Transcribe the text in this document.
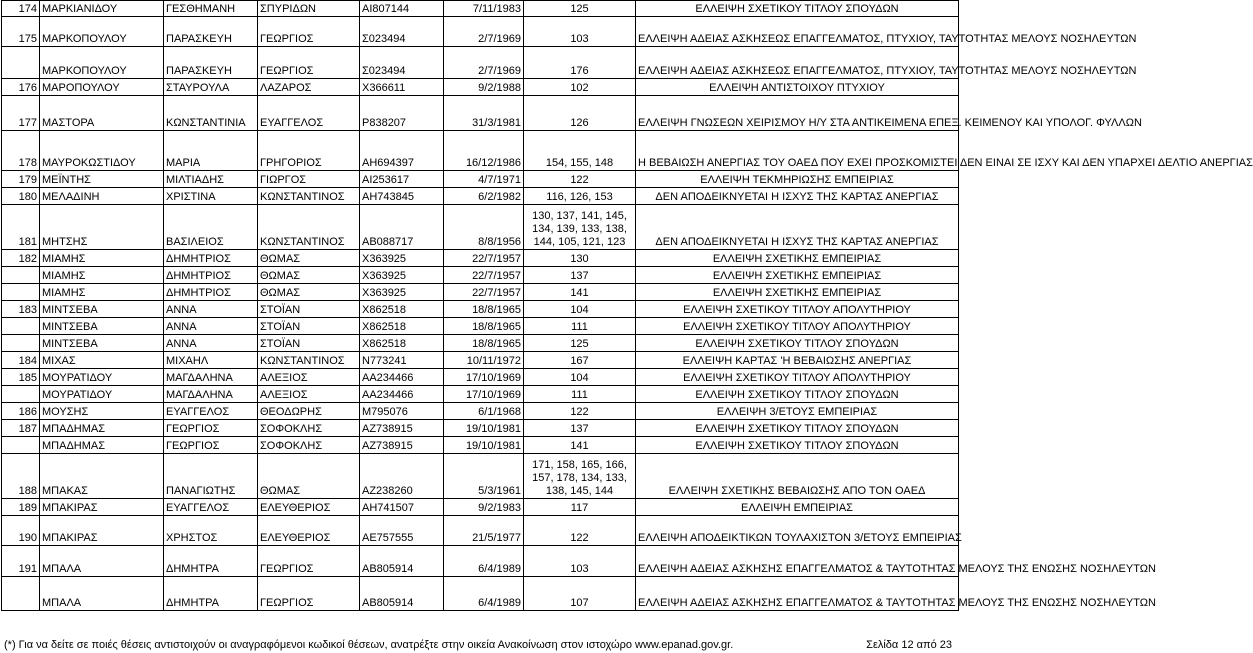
174	ΜΑΡΚΙΑΝΙΔΟΥ	ΓΕΣΘΗΜΑΝΗ	ΣΠΥΡΙΔΩΝ	ΑΙ807144	7/11/1983	125	ΕΛΛΕΙΨΗ ΣΧΕΤΙΚΟΥ ΤΙΤΛΟΥ ΣΠΟΥΔΩΝ
175	ΜΑΡΚΟΠΟΥΛΟΥ	ΠΑΡΑΣΚΕΥΗ	ΓΕΩΡΓΙΟΣ	Σ023494	2/7/1969	103	ΕΛΛΕΙΨΗ ΑΔΕΙΑΣ ΑΣΚΗΣΕΩΣ ΕΠΑΓΓΕΛΜΑΤΟΣ, ΠΤΥΧΙΟΥ, ΤΑΥΤΟΤΗΤΑΣ ΜΕΛΟΥΣ ΝΟΣΗΛΕΥΤΩΝ
	ΜΑΡΚΟΠΟΥΛΟΥ	ΠΑΡΑΣΚΕΥΗ	ΓΕΩΡΓΙΟΣ	Σ023494	2/7/1969	176	ΕΛΛΕΙΨΗ ΑΔΕΙΑΣ ΑΣΚΗΣΕΩΣ ΕΠΑΓΓΕΛΜΑΤΟΣ, ΠΤΥΧΙΟΥ, ΤΑΥΤΟΤΗΤΑΣ ΜΕΛΟΥΣ ΝΟΣΗΛΕΥΤΩΝ
176	ΜΑΡΟΠΟΥΛΟΥ	ΣΤΑΥΡΟΥΛΑ	ΛΑΖΑΡΟΣ	Χ366611	9/2/1988	102	ΕΛΛΕΙΨΗ ΑΝΤΙΣΤΟΙΧΟΥ ΠΤΥΧΙΟΥ
177	ΜΑΣΤΟΡΑ	ΚΩΝΣΤΑΝΤΙΝΙΑ	ΕΥΑΓΓΕΛΟΣ	Ρ838207	31/3/1981	126	ΕΛΛΕΙΨΗ ΓΝΩΣΕΩΝ ΧΕΙΡΙΣΜΟΥ Η/Υ ΣΤΑ ΑΝΤΙΚΕΙΜΕΝΑ ΕΠΕΞ. ΚΕΙΜΕΝΟΥ ΚΑΙ ΥΠΟΛΟΓ. ΦΥΛΛΩΝ
178	ΜΑΥΡΟΚΩΣΤΙΔΟΥ	ΜΑΡΙΑ	ΓΡΗΓΟΡΙΟΣ	ΑΗ694397	16/12/1986	154, 155, 148	Η ΒΕΒΑΙΩΣΗ ΑΝΕΡΓΙΑΣ ΤΟΥ ΟΑΕΔ ΠΟΥ ΕΧΕΙ ΠΡΟΣΚΟΜΙΣΤΕΙ ΔΕΝ ΕΙΝΑΙ ΣΕ ΙΣΧΥ ΚΑΙ ΔΕΝ ΥΠΑΡΧΕΙ ΔΕΛΤΙΟ ΑΝΕΡΓΙΑΣ
179	ΜΕΪΝΤΗΣ	ΜΙΛΤΙΑΔΗΣ	ΓΙΩΡΓΟΣ	ΑΙ253617	4/7/1971	122	ΕΛΛΕΙΨΗ ΤΕΚΜΗΡΙΩΣΗΣ ΕΜΠΕΙΡΙΑΣ
180	ΜΕΛΑΔΙΝΗ	ΧΡΙΣΤΙΝΑ	ΚΩΝΣΤΑΝΤΙΝΟΣ	ΑΗ743845	6/2/1982	116, 126, 153	ΔΕΝ ΑΠΟΔΕΙΚΝΥΕΤΑΙ Η ΙΣΧΥΣ ΤΗΣ ΚΑΡΤΑΣ ΑΝΕΡΓΙΑΣ
181	ΜΗΤΣΗΣ	ΒΑΣΙΛΕΙΟΣ	ΚΩΝΣΤΑΝΤΙΝΟΣ	ΑΒ088717	8/8/1956	130, 137, 141, 145,
134, 139, 133, 138,
144, 105, 121, 123	ΔΕΝ ΑΠΟΔΕΙΚΝΥΕΤΑΙ Η ΙΣΧΥΣ ΤΗΣ ΚΑΡΤΑΣ ΑΝΕΡΓΙΑΣ
182	ΜΙΑΜΗΣ	ΔΗΜΗΤΡΙΟΣ	ΘΩΜΑΣ	Χ363925	22/7/1957	130	ΕΛΛΕΙΨΗ ΣΧΕΤΙΚΗΣ ΕΜΠΕΙΡΙΑΣ
	ΜΙΑΜΗΣ	ΔΗΜΗΤΡΙΟΣ	ΘΩΜΑΣ	Χ363925	22/7/1957	137	ΕΛΛΕΙΨΗ ΣΧΕΤΙΚΗΣ ΕΜΠΕΙΡΙΑΣ
	ΜΙΑΜΗΣ	ΔΗΜΗΤΡΙΟΣ	ΘΩΜΑΣ	Χ363925	22/7/1957	141	ΕΛΛΕΙΨΗ ΣΧΕΤΙΚΗΣ ΕΜΠΕΙΡΙΑΣ
183	ΜΙΝΤΣΕΒΑ	ΑΝΝΑ	ΣΤΟΪΑΝ	Χ862518	18/8/1965	104	ΕΛΛΕΙΨΗ ΣΧΕΤΙΚΟΥ ΤΙΤΛΟΥ ΑΠΟΛΥΤΗΡΙΟΥ
	ΜΙΝΤΣΕΒΑ	ΑΝΝΑ	ΣΤΟΪΑΝ	Χ862518	18/8/1965	111	ΕΛΛΕΙΨΗ ΣΧΕΤΙΚΟΥ ΤΙΤΛΟΥ ΑΠΟΛΥΤΗΡΙΟΥ
	ΜΙΝΤΣΕΒΑ	ΑΝΝΑ	ΣΤΟΪΑΝ	Χ862518	18/8/1965	125	ΕΛΛΕΙΨΗ ΣΧΕΤΙΚΟΥ ΤΙΤΛΟΥ ΣΠΟΥΔΩΝ
184	ΜΙΧΑΣ	ΜΙΧΑΗΛ	ΚΩΝΣΤΑΝΤΙΝΟΣ	Ν773241	10/11/1972	167	ΕΛΛΕΙΨΗ ΚΑΡΤΑΣ 'Η ΒΕΒΑΙΩΣΗΣ ΑΝΕΡΓΙΑΣ
185	ΜΟΥΡΑΤΙΔΟΥ	ΜΑΓΔΑΛΗΝΑ	ΑΛΕΞΙΟΣ	ΑΑ234466	17/10/1969	104	ΕΛΛΕΙΨΗ ΣΧΕΤΙΚΟΥ ΤΙΤΛΟΥ ΑΠΟΛΥΤΗΡΙΟΥ
	ΜΟΥΡΑΤΙΔΟΥ	ΜΑΓΔΑΛΗΝΑ	ΑΛΕΞΙΟΣ	ΑΑ234466	17/10/1969	111	ΕΛΛΕΙΨΗ ΣΧΕΤΙΚΟΥ ΤΙΤΛΟΥ ΣΠΟΥΔΩΝ
186	ΜΟΥΣΗΣ	ΕΥΑΓΓΕΛΟΣ	ΘΕΟΔΩΡΗΣ	Μ795076	6/1/1968	122	ΕΛΛΕΙΨΗ 3/ΕΤΟΥΣ ΕΜΠΕΙΡΙΑΣ
187	ΜΠΑΔΗΜΑΣ	ΓΕΩΡΓΙΟΣ	ΣΟΦΟΚΛΗΣ	ΑΖ738915	19/10/1981	137	ΕΛΛΕΙΨΗ ΣΧΕΤΙΚΟΥ ΤΙΤΛΟΥ ΣΠΟΥΔΩΝ
	ΜΠΑΔΗΜΑΣ	ΓΕΩΡΓΙΟΣ	ΣΟΦΟΚΛΗΣ	ΑΖ738915	19/10/1981	141	ΕΛΛΕΙΨΗ ΣΧΕΤΙΚΟΥ ΤΙΤΛΟΥ ΣΠΟΥΔΩΝ
188	ΜΠΑΚΑΣ	ΠΑΝΑΓΙΩΤΗΣ	ΘΩΜΑΣ	ΑΖ238260	5/3/1961	171, 158, 165, 166,
157, 178, 134, 133,
138, 145, 144	ΕΛΛΕΙΨΗ ΣΧΕΤΙΚΗΣ ΒΕΒΑΙΩΣΗΣ ΑΠΟ ΤΟΝ ΟΑΕΔ
189	ΜΠΑΚΙΡΑΣ	ΕΥΑΓΓΕΛΟΣ	ΕΛΕΥΘΕΡΙΟΣ	ΑΗ741507	9/2/1983	117	ΕΛΛΕΙΨΗ ΕΜΠΕΙΡΙΑΣ
190	ΜΠΑΚΙΡΑΣ	ΧΡΗΣΤΟΣ	ΕΛΕΥΘΕΡΙΟΣ	ΑΕ757555	21/5/1977	122	ΕΛΛΕΙΨΗ ΑΠΟΔΕΙΚΤΙΚΩΝ ΤΟΥΛΑΧΙΣΤΟΝ 3/ΕΤΟΥΣ ΕΜΠΕΙΡΙΑΣ
191	ΜΠΑΛΑ	ΔΗΜΗΤΡΑ	ΓΕΩΡΓΙΟΣ	ΑΒ805914	6/4/1989	103	ΕΛΛΕΙΨΗ ΑΔΕΙΑΣ ΑΣΚΗΣΗΣ ΕΠΑΓΓΕΛΜΑΤΟΣ & ΤΑΥΤΟΤΗΤΑΣ ΜΕΛΟΥΣ ΤΗΣ ΕΝΩΣΗΣ ΝΟΣΗΛΕΥΤΩΝ
	ΜΠΑΛΑ	ΔΗΜΗΤΡΑ	ΓΕΩΡΓΙΟΣ	ΑΒ805914	6/4/1989	107	ΕΛΛΕΙΨΗ ΑΔΕΙΑΣ ΑΣΚΗΣΗΣ ΕΠΑΓΓΕΛΜΑΤΟΣ & ΤΑΥΤΟΤΗΤΑΣ ΜΕΛΟΥΣ ΤΗΣ ΕΝΩΣΗΣ ΝΟΣΗΛΕΥΤΩΝ
(*) Για να δείτε σε ποιές θέσεις αντιστοιχούν οι αναγραφόμενοι κωδικοί θέσεων, ανατρέξτε στην οικεία Ανακοίνωση στον ιστοχώρο www.epanad.gov.gr.	Σελίδα 12 από 23
